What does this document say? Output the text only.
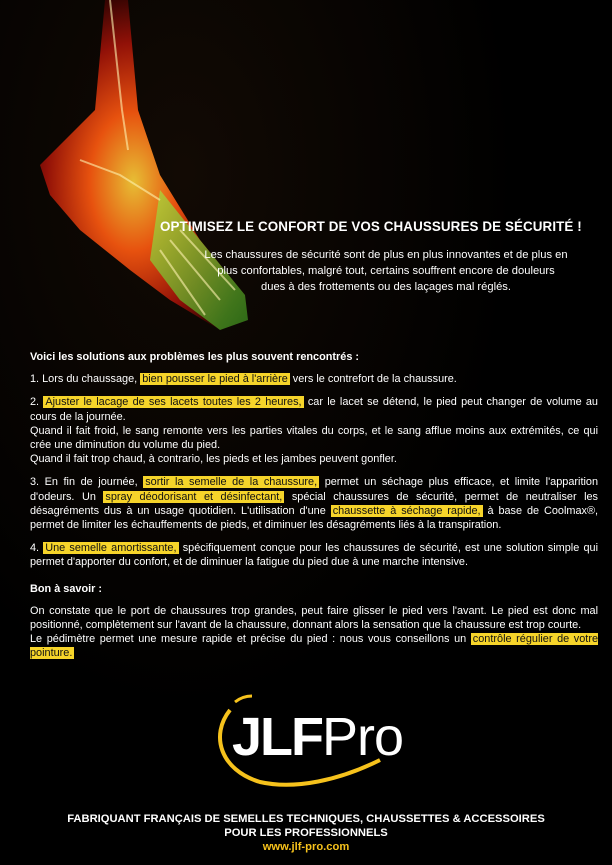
OPTIMISEZ LE CONFORT DE VOS CHAUSSURES DE SÉCURITÉ !
Les chaussures de sécurité sont de plus en plus innovantes et de plus en
plus confortables, malgré tout, certains souffrent encore de douleurs
dues à des frottements ou des laçages mal réglés.

Voici les solutions aux problèmes les plus souvent rencontrés :

1. Lors du chaussage, bien pousser le pied à l'arrière vers le contrefort de la chaussure.

2. Ajuster le lacage de ses lacets toutes les 2 heures, car le lacet se détend, le pied peut changer de volume au cours de la journée.
Quand il fait froid, le sang remonte vers les parties vitales du corps, et le sang afflue moins aux extrémités, ce qui crée une diminution du volume du pied.
Quand il fait trop chaud, à contrario, les pieds et les jambes peuvent gonfler.

3. En fin de journée, sortir la semelle de la chaussure, permet un séchage plus efficace, et limite l'apparition d'odeurs. Un spray déodorisant et désinfectant, spécial chaussures de sécurité, permet de neutraliser les désagréments dus à un usage quotidien. L'utilisation d'une chaussette à séchage rapide, à base de Coolmax®, permet de limiter les échauffements de pieds, et diminuer les désagréments liés à la transpiration.

4. Une semelle amortissante, spécifiquement conçue pour les chaussures de sécurité, est une solution simple qui permet d'apporter du confort, et de diminuer la fatigue du pied due à une marche intensive.

Bon à savoir :

On constate que le port de chaussures trop grandes, peut faire glisser le pied vers l'avant. Le pied est donc mal positionné, complètement sur l'avant de la chaussure, donnant alors la sensation que la chaussure est trop courte.
Le pédimètre permet une mesure rapide et précise du pied : nous vous conseillons un contrôle régulier de votre pointure.

JLFPro
FABRIQUANT FRANÇAIS DE SEMELLES TECHNIQUES, CHAUSSETTES & ACCESSOIRES
POUR LES PROFESSIONNELS
www.jlf-pro.com
